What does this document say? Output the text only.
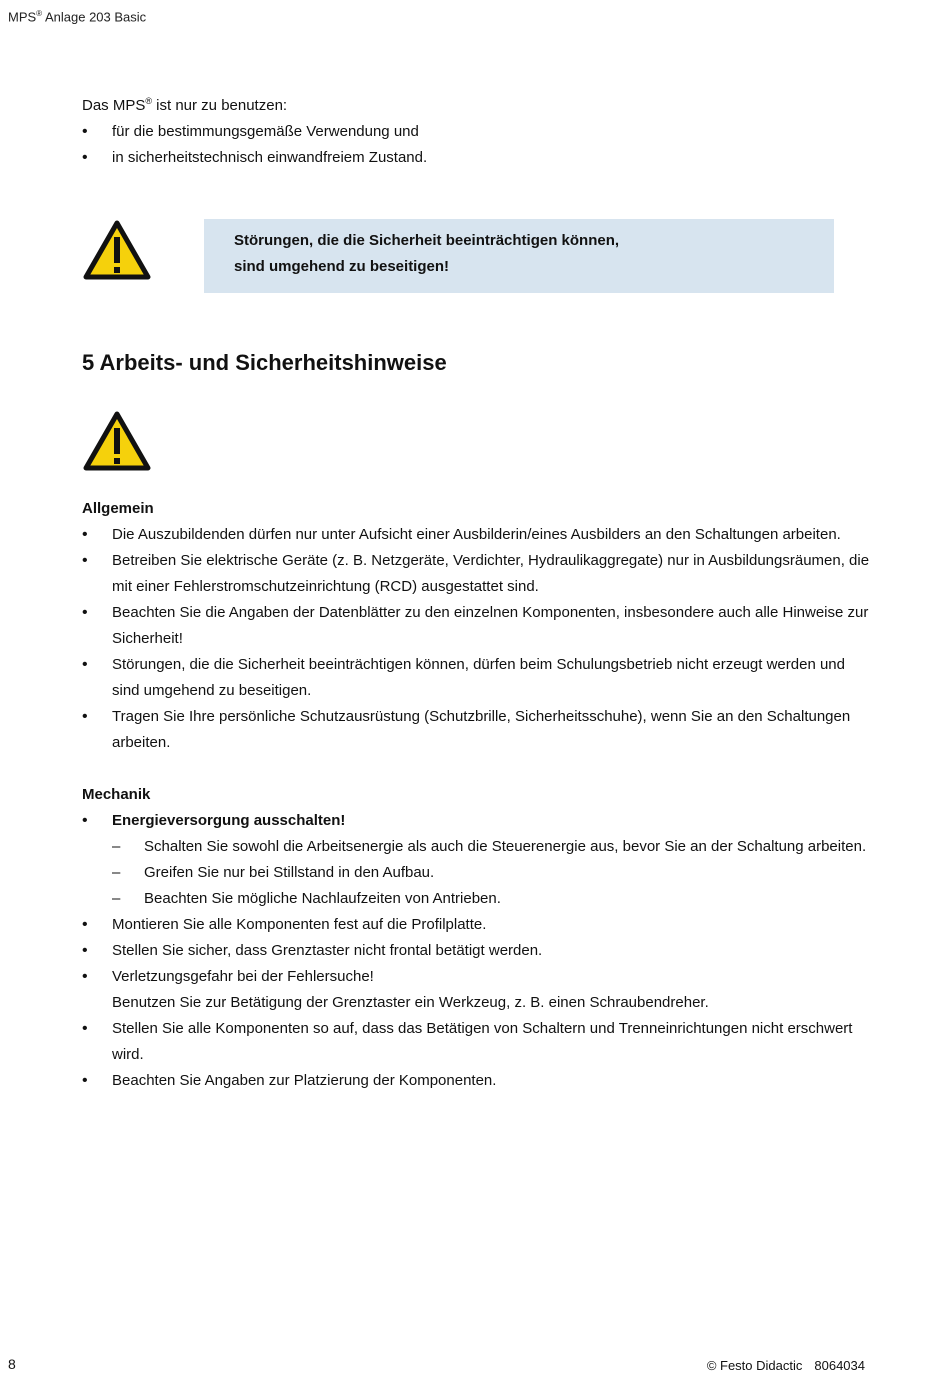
MPS® Anlage 203 Basic

Das MPS® ist nur zu benutzen:

• für die bestimmungsgemäße Verwendung und
• in sicherheitstechnisch einwandfreiem Zustand.

Störungen, die die Sicherheit beeinträchtigen können,

sind umgehend zu beseitigen!

5 Arbeits- und Sicherheitshinweise
Allgemein
• Die Auszubildenden dürfen nur unter Aufsicht einer Ausbilderin/eines Ausbilders an den Schaltungen arbeiten.
• Betreiben Sie elektrische Geräte (z. B. Netzgeräte, Verdichter, Hydraulikaggregate) nur in Ausbildungsräumen, die mit einer Fehlerstromschutzeinrichtung (RCD) ausgestattet sind.
• Beachten Sie die Angaben der Datenblätter zu den einzelnen Komponenten, insbesondere auch alle Hinweise zur Sicherheit!
• Störungen, die die Sicherheit beeinträchtigen können, dürfen beim Schulungsbetrieb nicht erzeugt werden und sind umgehend zu beseitigen.
• Tragen Sie Ihre persönliche Schutzausrüstung (Schutzbrille, Sicherheitsschuhe), wenn Sie an den Schaltungen arbeiten.
Mechanik
• Energieversorgung ausschalten!
– Schalten Sie sowohl die Arbeitsenergie als auch die Steuerenergie aus, bevor Sie an der Schaltung arbeiten.
– Greifen Sie nur bei Stillstand in den Aufbau.
– Beachten Sie mögliche Nachlaufzeiten von Antrieben.
• Montieren Sie alle Komponenten fest auf die Profilplatte.
• Stellen Sie sicher, dass Grenztaster nicht frontal betätigt werden.
• Verletzungsgefahr bei der Fehlersuche!
Benutzen Sie zur Betätigung der Grenztaster ein Werkzeug, z. B. einen Schraubendreher.
• Stellen Sie alle Komponenten so auf, dass das Betätigen von Schaltern und Trenneinrichtungen nicht erschwert wird.
• Beachten Sie Angaben zur Platzierung der Komponenten.
8	© Festo Didactic 8064034
